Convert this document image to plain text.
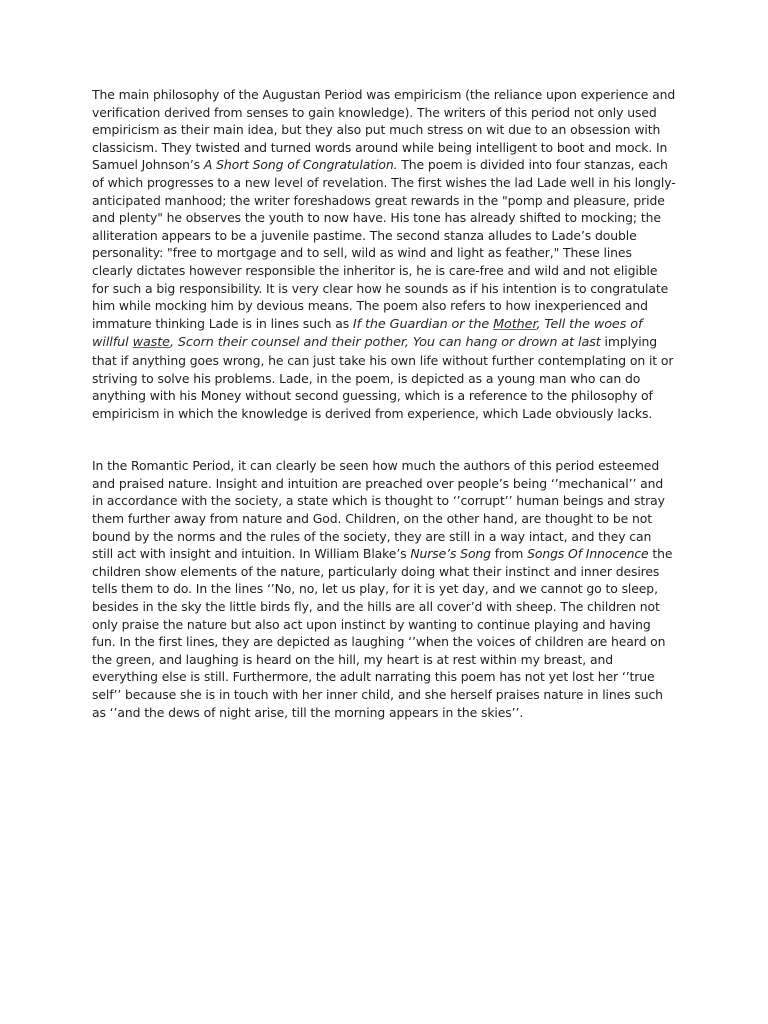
The main philosophy of the Augustan Period was empiricism (the reliance upon experience and verification derived from senses to gain knowledge). The writers of this period not only used empiricism as their main idea, but they also put much stress on wit due to an obsession with classicism. They twisted and turned words around while being intelligent to boot and mock. In Samuel Johnson’s A Short Song of Congratulation. The poem is divided into four stanzas, each of which progresses to a new level of revelation. The first wishes the lad Lade well in his longly-anticipated manhood; the writer foreshadows great rewards in the "pomp and pleasure, pride and plenty" he observes the youth to now have. His tone has already shifted to mocking; the alliteration appears to be a juvenile pastime. The second stanza alludes to Lade’s double personality: "free to mortgage and to sell, wild as wind and light as feather," These lines clearly dictates however responsible the inheritor is, he is care-free and wild and not eligible for such a big responsibility. It is very clear how he sounds as if his intention is to congratulate him while mocking him by devious means. The poem also refers to how inexperienced and immature thinking Lade is in lines such as If the Guardian or the Mother, Tell the woes of willful waste, Scorn their counsel and their pother, You can hang or drown at last implying that if anything goes wrong, he can just take his own life without further contemplating on it or striving to solve his problems. Lade, in the poem, is depicted as a young man who can do anything with his Money without second guessing, which is a reference to the philosophy of empiricism in which the knowledge is derived from experience, which Lade obviously lacks.

In the Romantic Period, it can clearly be seen how much the authors of this period esteemed and praised nature. Insight and intuition are preached over people’s being ‘’mechanical’’ and in accordance with the society, a state which is thought to ‘’corrupt’’ human beings and stray them further away from nature and God. Children, on the other hand, are thought to be not bound by the norms and the rules of the society, they are still in a way intact, and they can still act with insight and intuition. In William Blake’s Nurse’s Song from Songs Of Innocence the children show elements of the nature, particularly doing what their instinct and inner desires tells them to do. In the lines ‘’No, no, let us play, for it is yet day, and we cannot go to sleep, besides in the sky the little birds fly, and the hills are all cover’d with sheep. The children not only praise the nature but also act upon instinct by wanting to continue playing and having fun. In the first lines, they are depicted as laughing ‘’when the voices of children are heard on the green, and laughing is heard on the hill, my heart is at rest within my breast, and everything else is still. Furthermore, the adult narrating this poem has not yet lost her ‘’true self’’ because she is in touch with her inner child, and she herself praises nature in lines such as ‘’and the dews of night arise, till the morning appears in the skies’’.
